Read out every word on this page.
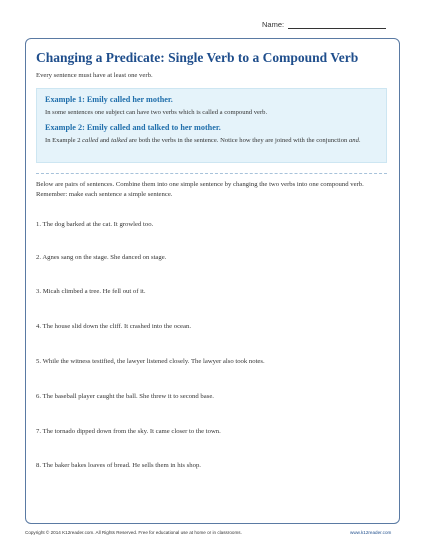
Name:
Changing a Predicate: Single Verb to a Compound Verb
Every sentence must have at least one verb.
Example 1: Emily called her mother.
In some sentences one subject can have two verbs which is called a compound verb.
Example 2: Emily called and talked to her mother.
In Example 2 called and talked are both the verbs in the sentence. Notice how they are joined with the conjunction and.
Below are pairs of sentences. Combine them into one simple sentence by changing the two verbs into one compound verb. Remember: make each sentence a simple sentence.
1. The dog barked at the cat. It growled too.
2. Agnes sang on the stage. She danced on stage.
3. Micah climbed a tree. He fell out of it.
4. The house slid down the cliff. It crashed into the ocean.
5. While the witness testified, the lawyer listened closely. The lawyer also took notes.
6. The baseball player caught the ball. She threw it to second base.
7. The tornado dipped down from the sky. It came closer to the town.
8. The baker bakes loaves of bread. He sells them in his shop.
Copyright © 2014 K12reader.com. All Rights Reserved. Free for educational use at home or in classrooms.	www.k12reader.com
